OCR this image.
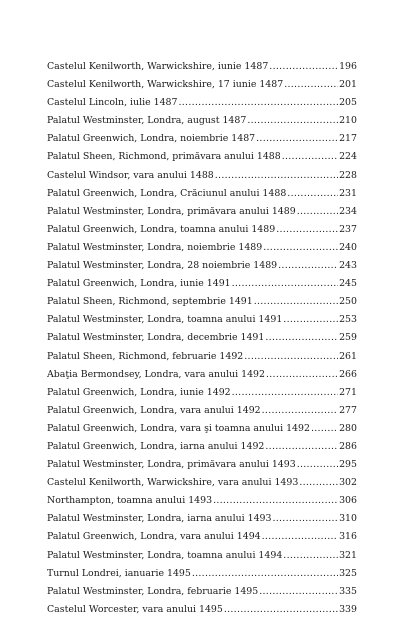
Castelul Kenilworth, Warwickshire, iunie 1487 .....	196
Castelul Kenilworth, Warwickshire, 17 iunie 1487 .....	201
Castelul Lincoln, iulie 1487 .....	205
Palatul Westminster, Londra, august 1487 .....	210
Palatul Greenwich, Londra, noiembrie 1487 .....	217
Palatul Sheen, Richmond, primăvara anului 1488 .....	224
Castelul Windsor, vara anului 1488 .....	228
Palatul Greenwich, Londra, Crăciunul anului 1488 .....	231
Palatul Westminster, Londra, primăvara anului 1489 .....	234
Palatul Greenwich, Londra, toamna anului 1489 .....	237
Palatul Westminster, Londra, noiembrie 1489 .....	240
Palatul Westminster, Londra, 28 noiembrie 1489 .....	243
Palatul Greenwich, Londra, iunie 1491 .....	245
Palatul Sheen, Richmond, septembrie 1491 .....	250
Palatul Westminster, Londra, toamna anului 1491 .....	253
Palatul Westminster, Londra, decembrie 1491 .....	259
Palatul Sheen, Richmond, februarie 1492 .....	261
Abaţia Bermondsey, Londra, vara anului 1492 .....	266
Palatul Greenwich, Londra, iunie 1492 .....	271
Palatul Greenwich, Londra, vara anului 1492 .....	277
Palatul Greenwich, Londra, vara şi toamna anului 1492 .....	280
Palatul Greenwich, Londra, iarna anului 1492 .....	286
Palatul Westminster, Londra, primăvara anului 1493 .....	295
Castelul Kenilworth, Warwickshire, vara anului 1493 .....	302
Northampton, toamna anului 1493 .....	306
Palatul Westminster, Londra, iarna anului 1493 .....	310
Palatul Greenwich, Londra, vara anului 1494 .....	316
Palatul Westminster, Londra, toamna anului 1494 .....	321
Turnul Londrei, ianuarie 1495 .....	325
Palatul Westminster, Londra, februarie 1495 .....	335
Castelul Worcester, vara anului 1495 .....	339
